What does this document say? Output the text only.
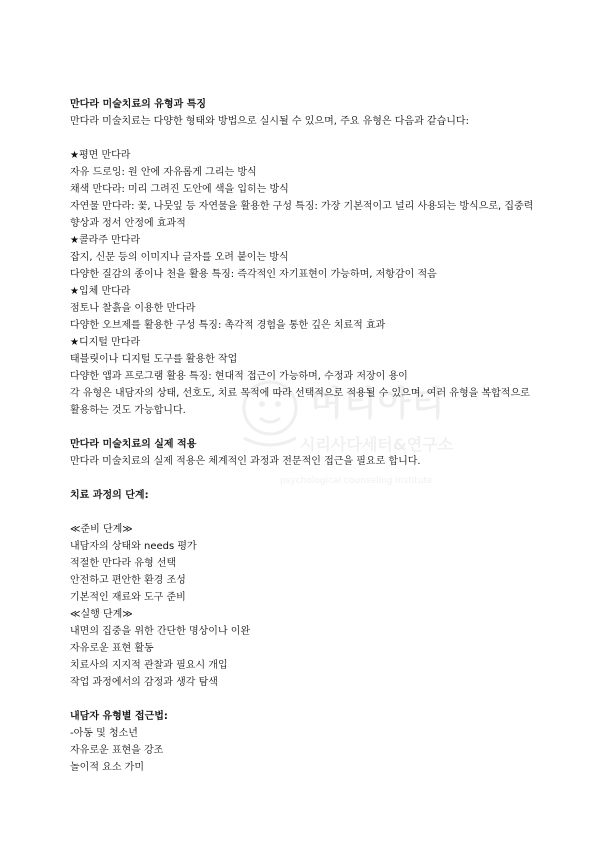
며티아티
시리사다세터&연구소
psychological counseling institute

만다라 미술치료의 유형과 특징

만다라 미술치료는 다양한 형태와 방법으로 실시될 수 있으며, 주요 유형은 다음과 같습니다:

★평면 만다라

자유 드로잉: 원 안에 자유롭게 그리는 방식

채색 만다라: 미리 그려진 도안에 색을 입히는 방식

자연물 만다라: 꽃, 나뭇잎 등 자연물을 활용한 구성 특징: 가장 기본적이고 널리 사용되는 방식으로, 집중력 향상과 정서 안정에 효과적

★콜라주 만다라

잡지, 신문 등의 이미지나 글자를 오려 붙이는 방식

다양한 질감의 종이나 천을 활용 특징: 즉각적인 자기표현이 가능하며, 저항감이 적음

★입체 만다라

점토나 찰흙을 이용한 만다라

다양한 오브제를 활용한 구성 특징: 촉각적 경험을 통한 깊은 치료적 효과

★디지털 만다라

태블릿이나 디지털 도구를 활용한 작업

다양한 앱과 프로그램 활용 특징: 현대적 접근이 가능하며, 수정과 저장이 용이

각 유형은 내담자의 상태, 선호도, 치료 목적에 따라 선택적으로 적용될 수 있으며, 여러 유형을 복합적으로 활용하는 것도 가능합니다.

만다라 미술치료의 실제 적용

만다라 미술치료의 실제 적용은 체계적인 과정과 전문적인 접근을 필요로 합니다.

치료 과정의 단계:

≪준비 단계≫

내담자의 상태와 needs 평가

적절한 만다라 유형 선택

안전하고 편안한 환경 조성

기본적인 재료와 도구 준비

≪실행 단계≫

내면의 집중을 위한 간단한 명상이나 이완

자유로운 표현 활동

치료사의 지지적 관찰과 필요시 개입

작업 과정에서의 감정과 생각 탐색

내담자 유형별 접근법:

-아동 및 청소년

자유로운 표현을 강조

놀이적 요소 가미
